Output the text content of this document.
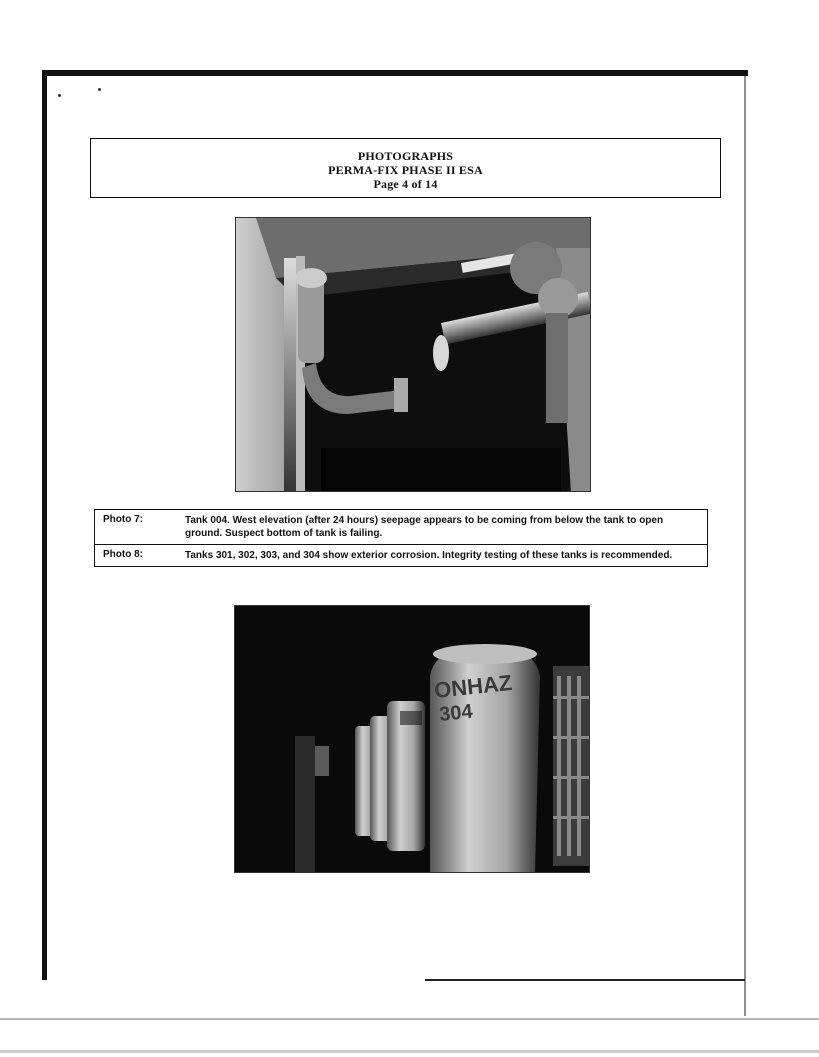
PHOTOGRAPHS
PERMA-FIX PHASE II ESA
Page 4 of 14
Photo 7:	Tank 004. West elevation (after 24 hours) seepage appears to be coming from below the tank to open ground. Suspect bottom of tank is failing.
Photo 8:	Tanks 301, 302, 303, and 304 show exterior corrosion. Integrity testing of these tanks is recommended.
ONHAZ
304
